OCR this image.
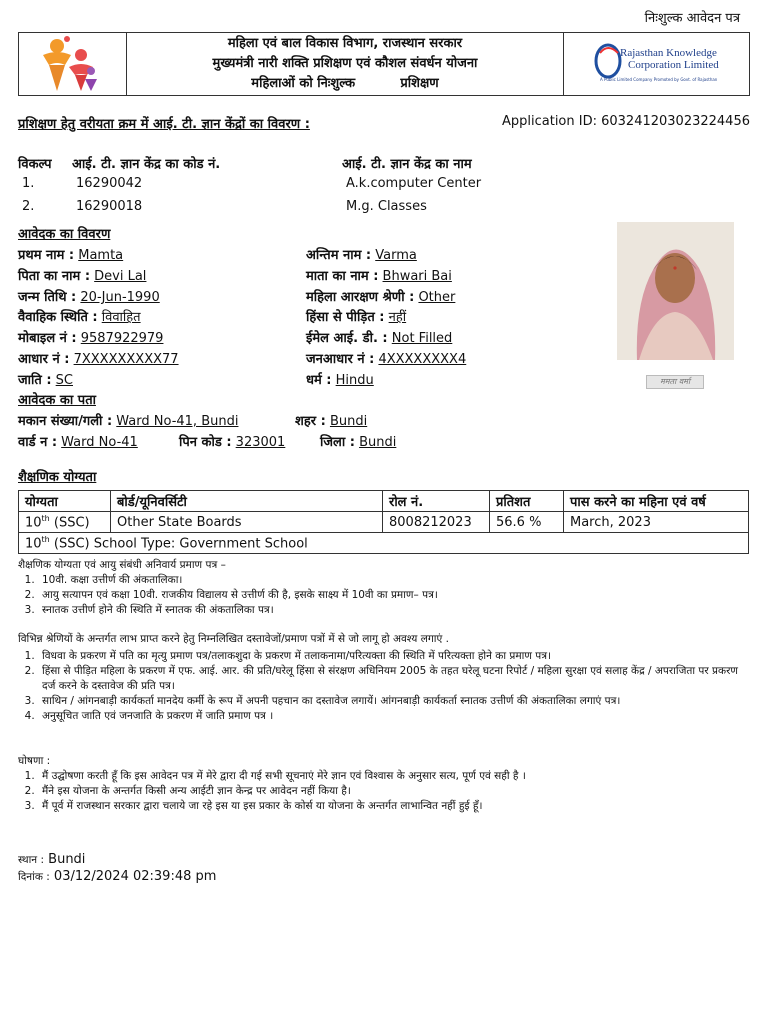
निःशुल्क आवेदन पत्र
महिला एवं बाल विकास विभाग, राजस्थान सरकार
मुख्यमंत्री नारी शक्ति प्रशिक्षण एवं कौशल संवर्धन योजना
महिलाओं को निःशुल्क          प्रशिक्षण
Rajasthan Knowledge
Corporation Limited
A Public Limited Company Promoted by Govt. of Rajasthan
प्रशिक्षण हेतु वरीयता क्रम में आई. टी. ज्ञान केंद्रों का विवरण :	Application ID: 603241203023224456
विकल्प आई. टी. ज्ञान केंद्र का कोड नं.	आई. टी. ज्ञान केंद्र का नाम
1.	16290042	A.k.computer Center
2.	16290018	M.g. Classes
आवेदक का विवरण
प्रथम नाम : Mamta	अन्तिम नाम : Varma
पिता का नाम : Devi Lal	माता का नाम : Bhwari Bai
जन्म तिथि : 20-Jun-1990	महिला आरक्षण श्रेणी : Other
वैवाहिक स्थिति : विवाहित	हिंसा से पीड़ित : नहीं
मोबाइल नं : 9587922979	ईमेल आई. डी. : Not Filled
आधार नं : 7XXXXXXXXX77	जनआधार नं : 4XXXXXXXX4
जाति : SC	धर्म : Hindu	ममता वर्मा
आवेदक का पता
मकान संख्या/गली : Ward No-41, Bundi	शहर : Bundi
वार्ड न : Ward No-41	पिन कोड : 323001	जिला : Bundi
शैक्षणिक योग्यता
योग्यता	बोर्ड/यूनिवर्सिटी	रोल नं.	प्रतिशत	पास करने का महिना एवं वर्ष
10th (SSC)	Other State Boards	8008212023	56.6 %	March, 2023
10th (SSC) School Type: Government School				
शैक्षणिक योग्यता एवं आयु संबंधी अनिवार्य प्रमाण पत्र –
1. 10वी. कक्षा उत्तीर्ण की अंकतालिका।
2. आयु सत्यापन एवं कक्षा 10वी. राजकीय विद्यालय से उत्तीर्ण की है, इसके साक्ष्य में 10वी का प्रमाण– पत्र।
3. स्नातक उत्तीर्ण होने की स्थिति में स्नातक की अंकतालिका पत्र।
विभिन्न श्रेणियों के अन्तर्गत लाभ प्राप्त करने हेतु निम्नलिखित दस्तावेजों/प्रमाण पत्रों में से जो लागू हो अवश्य लगाएं .
1. विधवा के प्रकरण में पति का मृत्यु प्रमाण पत्र/तलाकशुदा के प्रकरण में तलाकनामा/परित्यक्ता की स्थिति में परित्यक्ता होने का प्रमाण पत्र।
2. हिंसा से पीड़ित महिला के प्रकरण में एफ. आई. आर. की प्रति/घरेलू हिंसा से संरक्षण अधिनियम 2005 के तहत घरेलू घटना रिपोर्ट / महिला सुरक्षा एवं सलाह केंद्र / अपराजिता पर प्रकरण दर्ज करने के दस्तावेज की प्रति पत्र।
3. साथिन / आंगनबाड़ी कार्यकर्ता मानदेय कर्मी के रूप में अपनी पहचान का दस्तावेज लगायें। आंगनबाड़ी कार्यकर्ता स्नातक उत्तीर्ण की अंकतालिका लगाएं पत्र।
4. अनुसूचित जाति एवं जनजाति के प्रकरण में जाति प्रमाण पत्र ।
घोषणा :
1. मैं उद्घोषणा करती हूँ कि इस आवेदन पत्र में मेरे द्वारा दी गई सभी सूचनाएं मेरे ज्ञान एवं विश्वास के अनुसार सत्य, पूर्ण एवं सही है ।
2. मैंने इस योजना के अन्तर्गत किसी अन्य आईटी ज्ञान केन्द्र पर आवेदन नहीं किया है।
3. मैं पूर्व में राजस्थान सरकार द्वारा चलाये जा रहे इस या इस प्रकार के कोर्स या योजना के अन्तर्गत लाभान्वित नहीं हुई हूँ।
स्थान : Bundi
दिनांक : 03/12/2024 02:39:48 pm
